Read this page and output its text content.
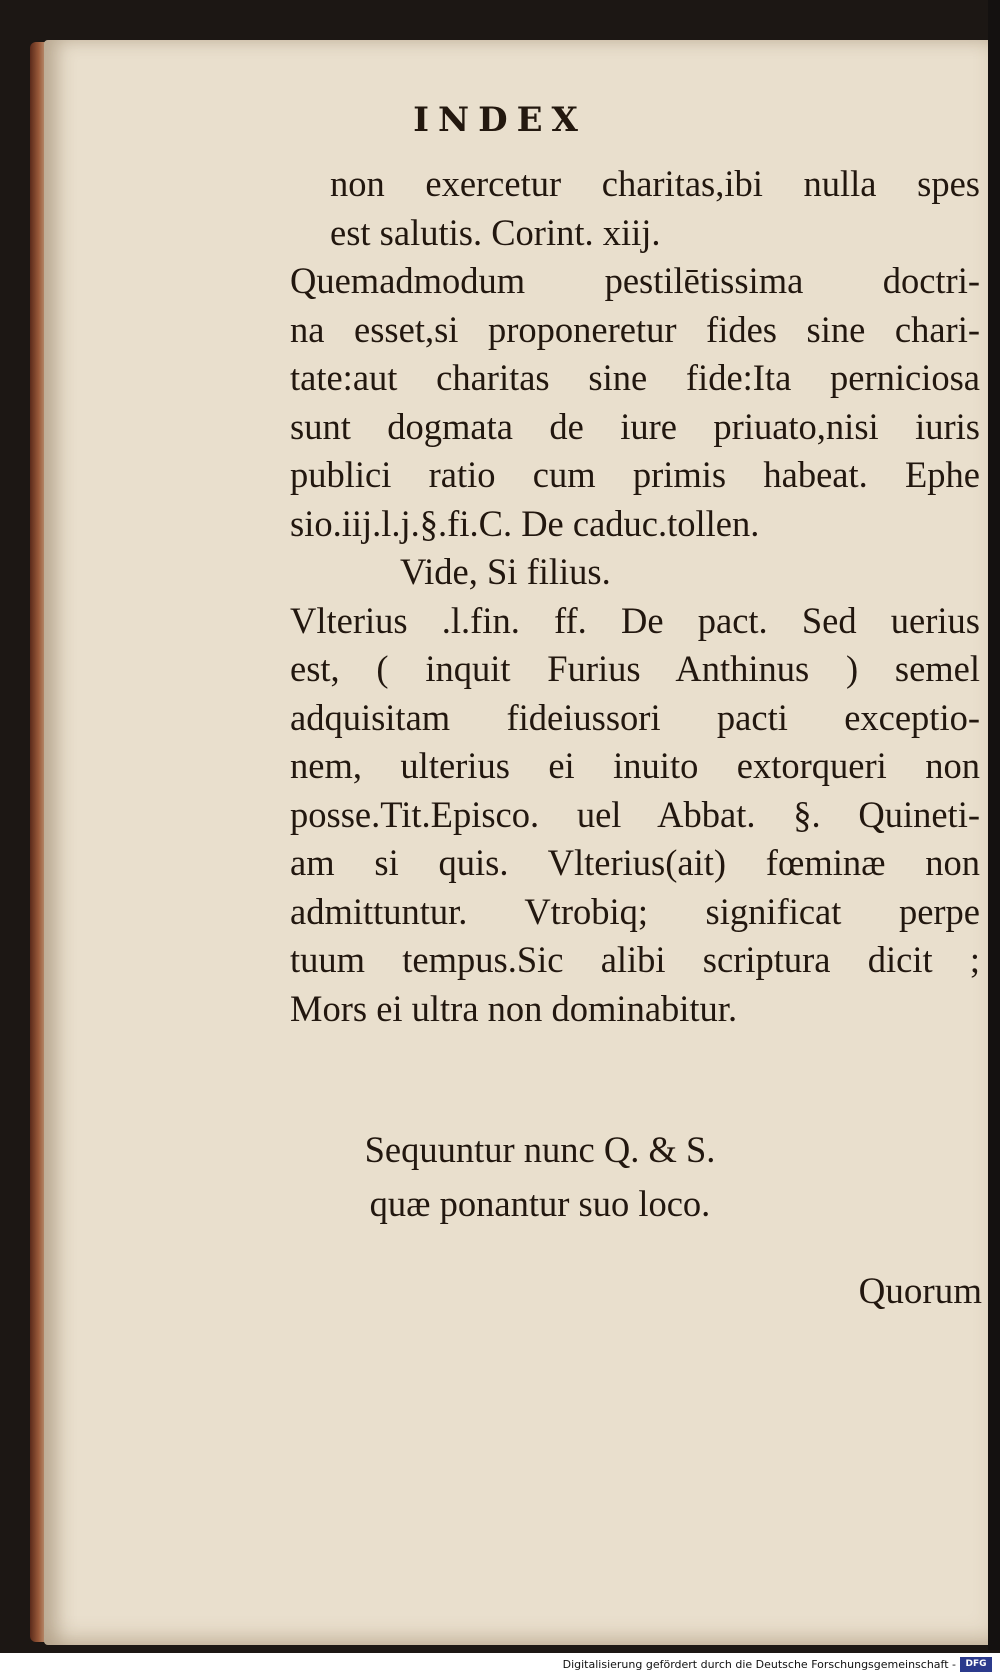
INDEX
non exercetur charitas,ibi nulla spes
est salutis. Corint. xiij.
Quemadmodum pestilētissima doctri-
na esset,si proponeretur fides sine chari-
tate:aut charitas sine fide:Ita perniciosa
sunt dogmata de iure priuato,nisi iuris
publici ratio cum primis habeat. Ephe
sio.iij.l.j.§.fi.C. De caduc.tollen.
Vide, Si filius.
Vlterius .l.fin. ff. De pact. Sed uerius
est, ( inquit Furius Anthinus ) semel
adquisitam fideiussori pacti exceptio-
nem, ulterius ei inuito extorqueri non
posse.Tit.Episco. uel Abbat. §. Quineti-
am si quis. Vlterius(ait) fœminæ non
admittuntur. Vtrobiq; significat perpe
tuum tempus.Sic alibi scriptura dicit ;
Mors ei ultra non dominabitur.
Sequuntur nunc Q. & S.
quæ ponantur suo loco.
Quorum
Digitalisierung gefördert durch die Deutsche Forschungsgemeinschaft -	DFG
